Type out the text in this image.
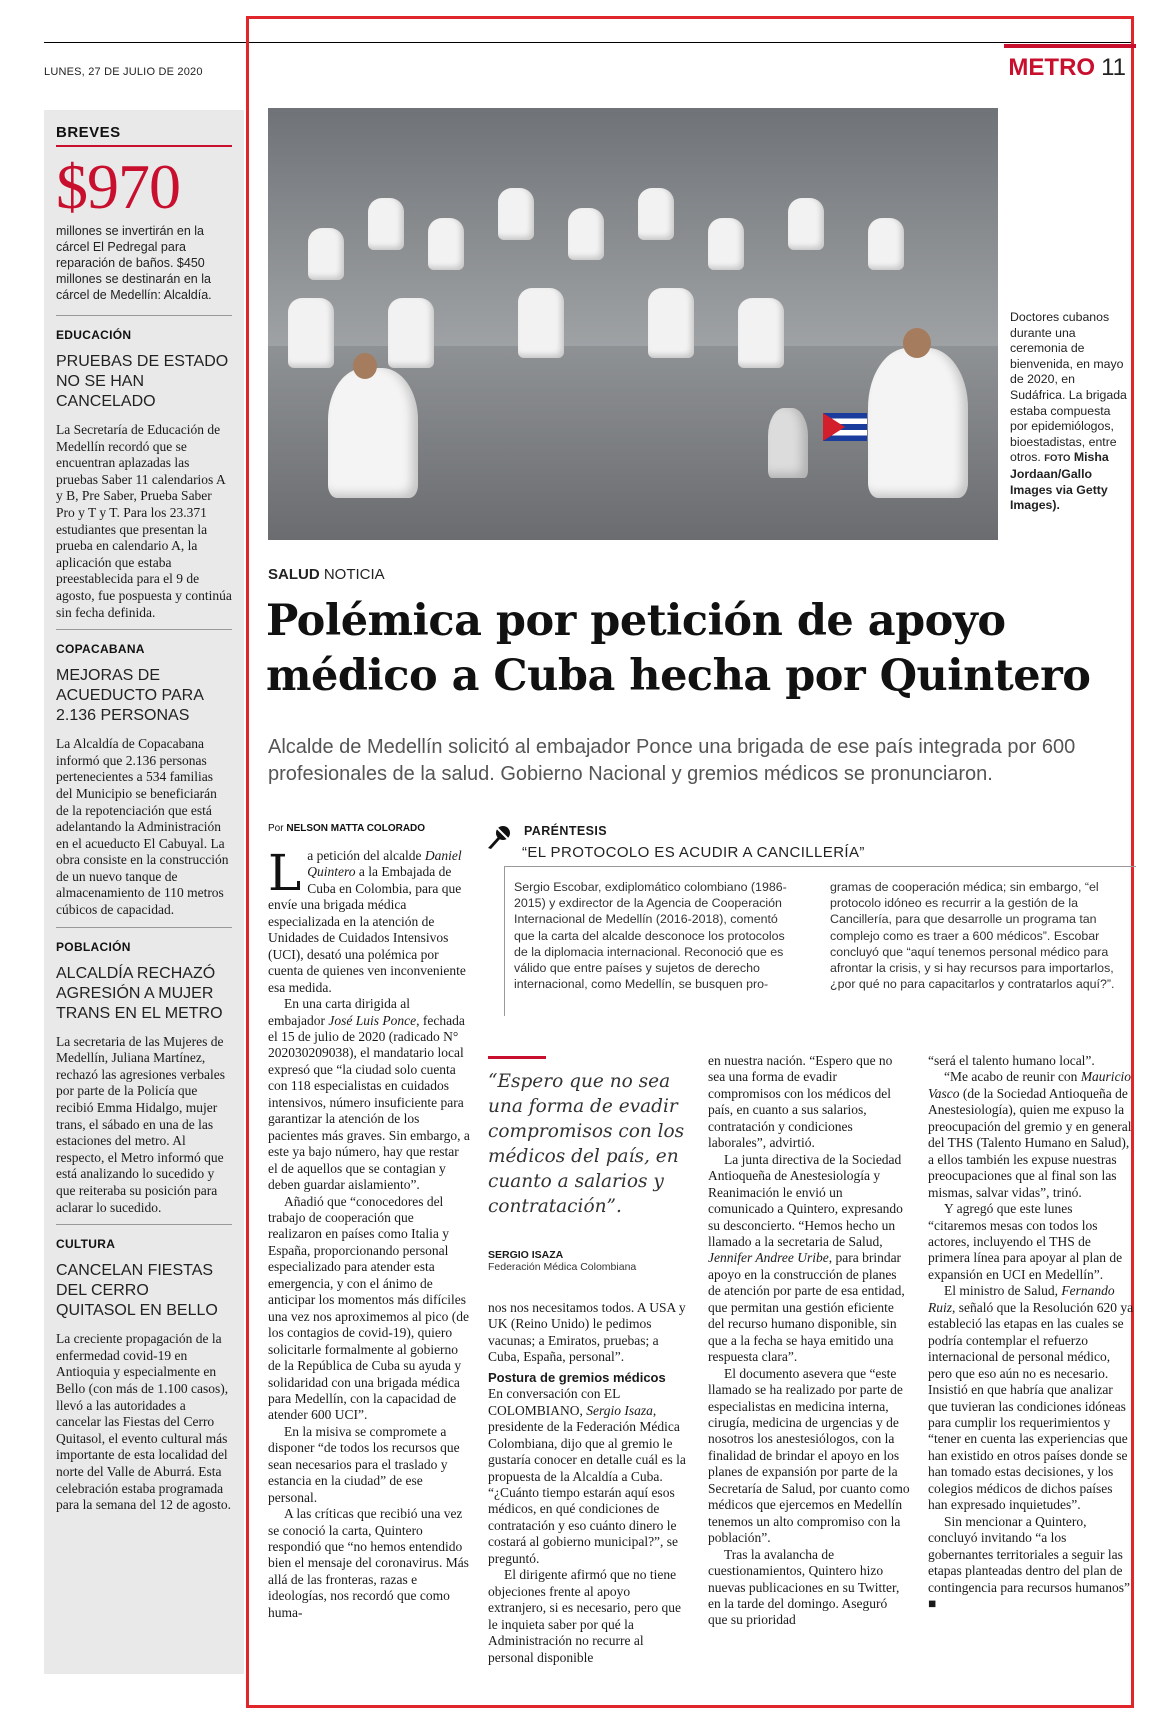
LUNES, 27 DE JULIO DE 2020	METRO 11
BREVES
$970
millones se invertirán en la cárcel El Pedregal para reparación de baños. $450 millones se destinarán en la cárcel de Medellín: Alcaldía.
EDUCACIÓN
PRUEBAS DE ESTADO NO SE HAN CANCELADO
La Secretaría de Educación de Medellín recordó que se encuentran aplazadas las pruebas Saber 11 calendarios A y B, Pre Saber, Prueba Saber Pro y T y T. Para los 23.371 estudiantes que presentan la prueba en calendario A, la aplicación que estaba preestablecida para el 9 de agosto, fue pospuesta y continúa sin fecha definida.
COPACABANA
MEJORAS DE ACUEDUCTO PARA 2.136 PERSONAS
La Alcaldía de Copacabana informó que 2.136 personas pertenecientes a 534 familias del Municipio se beneficiarán de la repotenciación que está adelantando la Administración en el acueducto El Cabuyal. La obra consiste en la construcción de un nuevo tanque de almacenamiento de 110 metros cúbicos de capacidad.
POBLACIÓN
ALCALDÍA RECHAZÓ AGRESIÓN A MUJER TRANS EN EL METRO
La secretaria de las Mujeres de Medellín, Juliana Martínez, rechazó las agresiones verbales por parte de la Policía que recibió Emma Hidalgo, mujer trans, el sábado en una de las estaciones del metro. Al respecto, el Metro informó que está analizando lo sucedido y que reiteraba su posición para aclarar lo sucedido.
CULTURA
CANCELAN FIESTAS DEL CERRO QUITASOL EN BELLO
La creciente propagación de la enfermedad covid-19 en Antioquia y especialmente en Bello (con más de 1.100 casos), llevó a las autoridades a cancelar las Fiestas del Cerro Quitasol, el evento cultural más importante de esta localidad del norte del Valle de Aburrá. Esta celebración estaba programada para la semana del 12 de agosto.
Doctores cubanos durante una ceremonia de bienvenida, en mayo de 2020, en Sudáfrica. La brigada estaba compuesta por epidemiólogos, bioestadistas, entre otros. FOTO Misha Jordaan/Gallo Images via Getty Images).
SALUD NOTICIA
Polémica por petición de apoyo médico a Cuba hecha por Quintero
Alcalde de Medellín solicitó al embajador Ponce una brigada de ese país integrada por 600 profesionales de la salud. Gobierno Nacional y gremios médicos se pronunciaron.
Por NELSON MATTA COLORADO	PARÉNTESIS
“EL PROTOCOLO ES ACUDIR A CANCILLERÍA”
Sergio Escobar, exdiplomático colombiano (1986-2015) y exdirector de la Agencia de Cooperación Internacional de Medellín (2016-2018), comentó que la carta del alcalde desconoce los protocolos de la diplomacia internacional. Reconoció que es válido que entre países y sujetos de derecho internacional, como Medellín, se busquen pro-
gramas de cooperación médica; sin embargo, “el protocolo idóneo es recurrir a la gestión de la Cancillería, para que desarrolle un programa tan complejo como es traer a 600 médicos”. Escobar concluyó que “aquí tenemos personal médico para afrontar la crisis, y si hay recursos para importarlos, ¿por qué no para capacitarlos y contratarlos aquí?”.

La petición del alcalde Daniel Quintero a la Embajada de Cuba en Colombia, para que envíe una brigada médica especializada en la atención de Unidades de Cuidados Intensivos (UCI), desató una polémica por cuenta de quienes ven inconveniente esa medida.

En una carta dirigida al embajador José Luis Ponce, fechada el 15 de julio de 2020 (radicado N° 202030209038), el mandatario local expresó que “la ciudad solo cuenta con 118 especialistas en cuidados intensivos, número insuficiente para garantizar la atención de los pacientes más graves. Sin embargo, a este ya bajo número, hay que restar el de aquellos que se contagian y deben guardar aislamiento”.

Añadió que “conocedores del trabajo de cooperación que realizaron en países como Italia y España, proporcionando personal especializado para atender esta emergencia, y con el ánimo de anticipar los momentos más difíciles una vez nos aproximemos al pico (de los contagios de covid-19), quiero solicitarle formalmente al gobierno de la República de Cuba su ayuda y solidaridad con una brigada médica para Medellín, con la capacidad de atender 600 UCI”.

En la misiva se compromete a disponer “de todos los recursos que sean necesarios para el traslado y estancia en la ciudad” de ese personal.

A las críticas que recibió una vez se conoció la carta, Quintero respondió que “no hemos entendido bien el mensaje del coronavirus. Más allá de las fronteras, razas e ideologías, nos recordó que como huma-

“Espero que no sea una forma de evadir compromisos con los médicos del país, en cuanto a salarios y contratación”.
SERGIO ISAZA
Federación Médica Colombiana

nos nos necesitamos todos. A USA y UK (Reino Unido) le pedimos vacunas; a Emiratos, pruebas; a Cuba, España, personal”.

Postura de gremios médicos

En conversación con EL COLOMBIANO, Sergio Isaza, presidente de la Federación Médica Colombiana, dijo que al gremio le gustaría conocer en detalle cuál es la propuesta de la Alcaldía a Cuba. “¿Cuánto tiempo estarán aquí esos médicos, en qué condiciones de contratación y eso cuánto dinero le costará al gobierno municipal?”, se preguntó.

El dirigente afirmó que no tiene objeciones frente al apoyo extranjero, si es necesario, pero que le inquieta saber por qué la Administración no recurre al personal disponible

en nuestra nación. “Espero que no sea una forma de evadir compromisos con los médicos del país, en cuanto a sus salarios, contratación y condiciones laborales”, advirtió.

La junta directiva de la Sociedad Antioqueña de Anestesiología y Reanimación le envió un comunicado a Quintero, expresando su desconcierto. “Hemos hecho un llamado a la secretaria de Salud, Jennifer Andree Uribe, para brindar apoyo en la construcción de planes de atención por parte de esa entidad, que permitan una gestión eficiente del recurso humano disponible, sin que a la fecha se haya emitido una respuesta clara”.

El documento asevera que “este llamado se ha realizado por parte de especialistas en medicina interna, cirugía, medicina de urgencias y de nosotros los anestesiólogos, con la finalidad de brindar el apoyo en los planes de expansión por parte de la Secretaría de Salud, por cuanto como médicos que ejercemos en Medellín tenemos un alto compromiso con la población”.

Tras la avalancha de cuestionamientos, Quintero hizo nuevas publicaciones en su Twitter, en la tarde del domingo. Aseguró que su prioridad

“será el talento humano local”.

“Me acabo de reunir con Mauricio Vasco (de la Sociedad Antioqueña de Anestesiología), quien me expuso la preocupación del gremio y en general del THS (Talento Humano en Salud), a ellos también les expuse nuestras preocupaciones que al final son las mismas, salvar vidas”, trinó.

Y agregó que este lunes “citaremos mesas con todos los actores, incluyendo el THS de primera línea para apoyar al plan de expansión en UCI en Medellín”.

El ministro de Salud, Fernando Ruiz, señaló que la Resolución 620 ya estableció las etapas en las cuales se podría contemplar el refuerzo internacional de personal médico, pero que eso aún no es necesario. Insistió en que habría que analizar que tuvieran las condiciones idóneas para cumplir los requerimientos y “tener en cuenta las experiencias que han existido en otros países donde se han tomado estas decisiones, y los colegios médicos de dichos países han expresado inquietudes”.

Sin mencionar a Quintero, concluyó invitando “a los gobernantes territoriales a seguir las etapas planteadas dentro del plan de contingencia para recursos humanos” ■
